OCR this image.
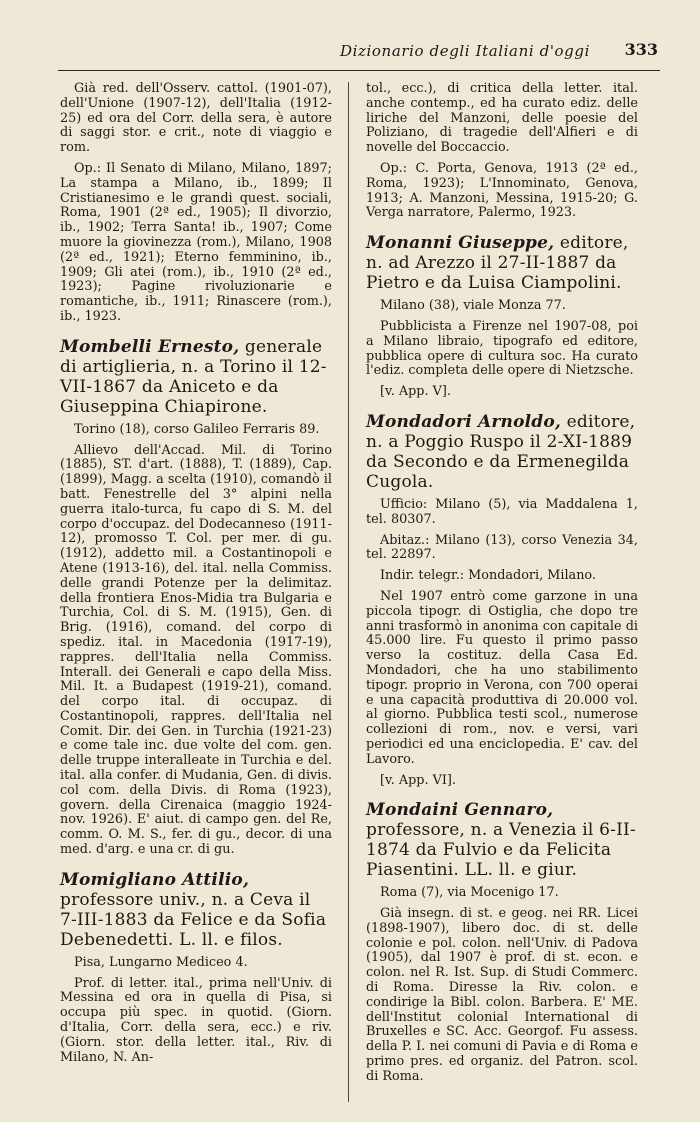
Dizionario degli Italiani d'oggi 333

Già red. dell'Osserv. cattol. (1901-07), dell'Unione (1907-12), dell'Italia (1912-25) ed ora del Corr. della sera, è autore di saggi stor. e crit., note di viaggio e rom.

Op.: Il Senato di Milano, Milano, 1897; La stampa a Milano, ib., 1899; Il Cristianesimo e le grandi quest. sociali, Roma, 1901 (2ª ed., 1905); Il divorzio, ib., 1902; Terra Santa! ib., 1907; Come muore la giovinezza (rom.), Milano, 1908 (2ª ed., 1921); Eterno femminino, ib., 1909; Gli atei (rom.), ib., 1910 (2ª ed., 1923); Pagine rivoluzionarie e romantiche, ib., 1911; Rinascere (rom.), ib., 1923.

Mombelli Ernesto, generale di artiglieria, n. a Torino il 12-VII-1867 da Aniceto e da Giuseppina Chiapirone.

Torino (18), corso Galileo Ferraris 89.

Allievo dell'Accad. Mil. di Torino (1885), ST. d'art. (1888), T. (1889), Cap. (1899), Magg. a scelta (1910), comandò il batt. Fenestrelle del 3° alpini nella guerra italo-turca, fu capo di S. M. del corpo d'occupaz. del Dodecanneso (1911-12), promosso T. Col. per mer. di gu. (1912), addetto mil. a Costantinopoli e Atene (1913-16), del. ital. nella Commiss. delle grandi Potenze per la delimitaz. della frontiera Enos-Midia tra Bulgaria e Turchia, Col. di S. M. (1915), Gen. di Brig. (1916), comand. del corpo di spediz. ital. in Macedonia (1917-19), rappres. dell'Italia nella Commiss. Interall. dei Generali e capo della Miss. Mil. It. a Budapest (1919-21), comand. del corpo ital. di occupaz. di Costantinopoli, rappres. dell'Italia nel Comit. Dir. dei Gen. in Turchia (1921-23) e come tale inc. due volte del com. gen. delle truppe interalleate in Turchia e del. ital. alla confer. di Mudania, Gen. di divis. col com. della Divis. di Roma (1923), govern. della Cirenaica (maggio 1924-nov. 1926). E' aiut. di campo gen. del Re, comm. O. M. S., fer. di gu., decor. di una med. d'arg. e una cr. di gu.

Momigliano Attilio, professore univ., n. a Ceva il 7-III-1883 da Felice e da Sofia Debenedetti. L. ll. e filos.

Pisa, Lungarno Mediceo 4.

Prof. di letter. ital., prima nell'Univ. di Messina ed ora in quella di Pisa, si occupa più spec. in quotid. (Giorn. d'Italia, Corr. della sera, ecc.) e riv. (Giorn. stor. della letter. ital., Riv. di Milano, N. An-

tol., ecc.), di critica della letter. ital. anche contemp., ed ha curato ediz. delle liriche del Manzoni, delle poesie del Poliziano, di tragedie dell'Alfieri e di novelle del Boccaccio.

Op.: C. Porta, Genova, 1913 (2ª ed., Roma, 1923); L'Innominato, Genova, 1913; A. Manzoni, Messina, 1915-20; G. Verga narratore, Palermo, 1923.

Monanni Giuseppe, editore, n. ad Arezzo il 27-II-1887 da Pietro e da Luisa Ciampolini.

Milano (38), viale Monza 77.

Pubblicista a Firenze nel 1907-08, poi a Milano libraio, tipografo ed editore, pubblica opere di cultura soc. Ha curato l'ediz. completa delle opere di Nietzsche.

[v. App. V].

Mondadori Arnoldo, editore, n. a Poggio Ruspo il 2-XI-1889 da Secondo e da Ermenegilda Cugola.

Ufficio: Milano (5), via Maddalena 1, tel. 80307.

Abitaz.: Milano (13), corso Venezia 34, tel. 22897.

Indir. telegr.: Mondadori, Milano.

Nel 1907 entrò come garzone in una piccola tipogr. di Ostiglia, che dopo tre anni trasformò in anonima con capitale di 45.000 lire. Fu questo il primo passo verso la costituz. della Casa Ed. Mondadori, che ha uno stabilimento tipogr. proprio in Verona, con 700 operai e una capacità produttiva di 20.000 vol. al giorno. Pubblica testi scol., numerose collezioni di rom., nov. e versi, vari periodici ed una enciclopedia. E' cav. del Lavoro.

[v. App. VI].

Mondaini Gennaro, professore, n. a Venezia il 6-II-1874 da Fulvio e da Felicita Piasentini. LL. ll. e giur.

Roma (7), via Mocenigo 17.

Già insegn. di st. e geog. nei RR. Licei (1898-1907), libero doc. di st. delle colonie e pol. colon. nell'Univ. di Padova (1905), dal 1907 è prof. di st. econ. e colon. nel R. Ist. Sup. di Studi Commerc. di Roma. Diresse la Riv. colon. e condirige la Bibl. colon. Barbera. E' ME. dell'Institut colonial International di Bruxelles e SC. Acc. Georgof. Fu assess. della P. I. nei comuni di Pavia e di Roma e primo pres. ed organiz. del Patron. scol. di Roma.
